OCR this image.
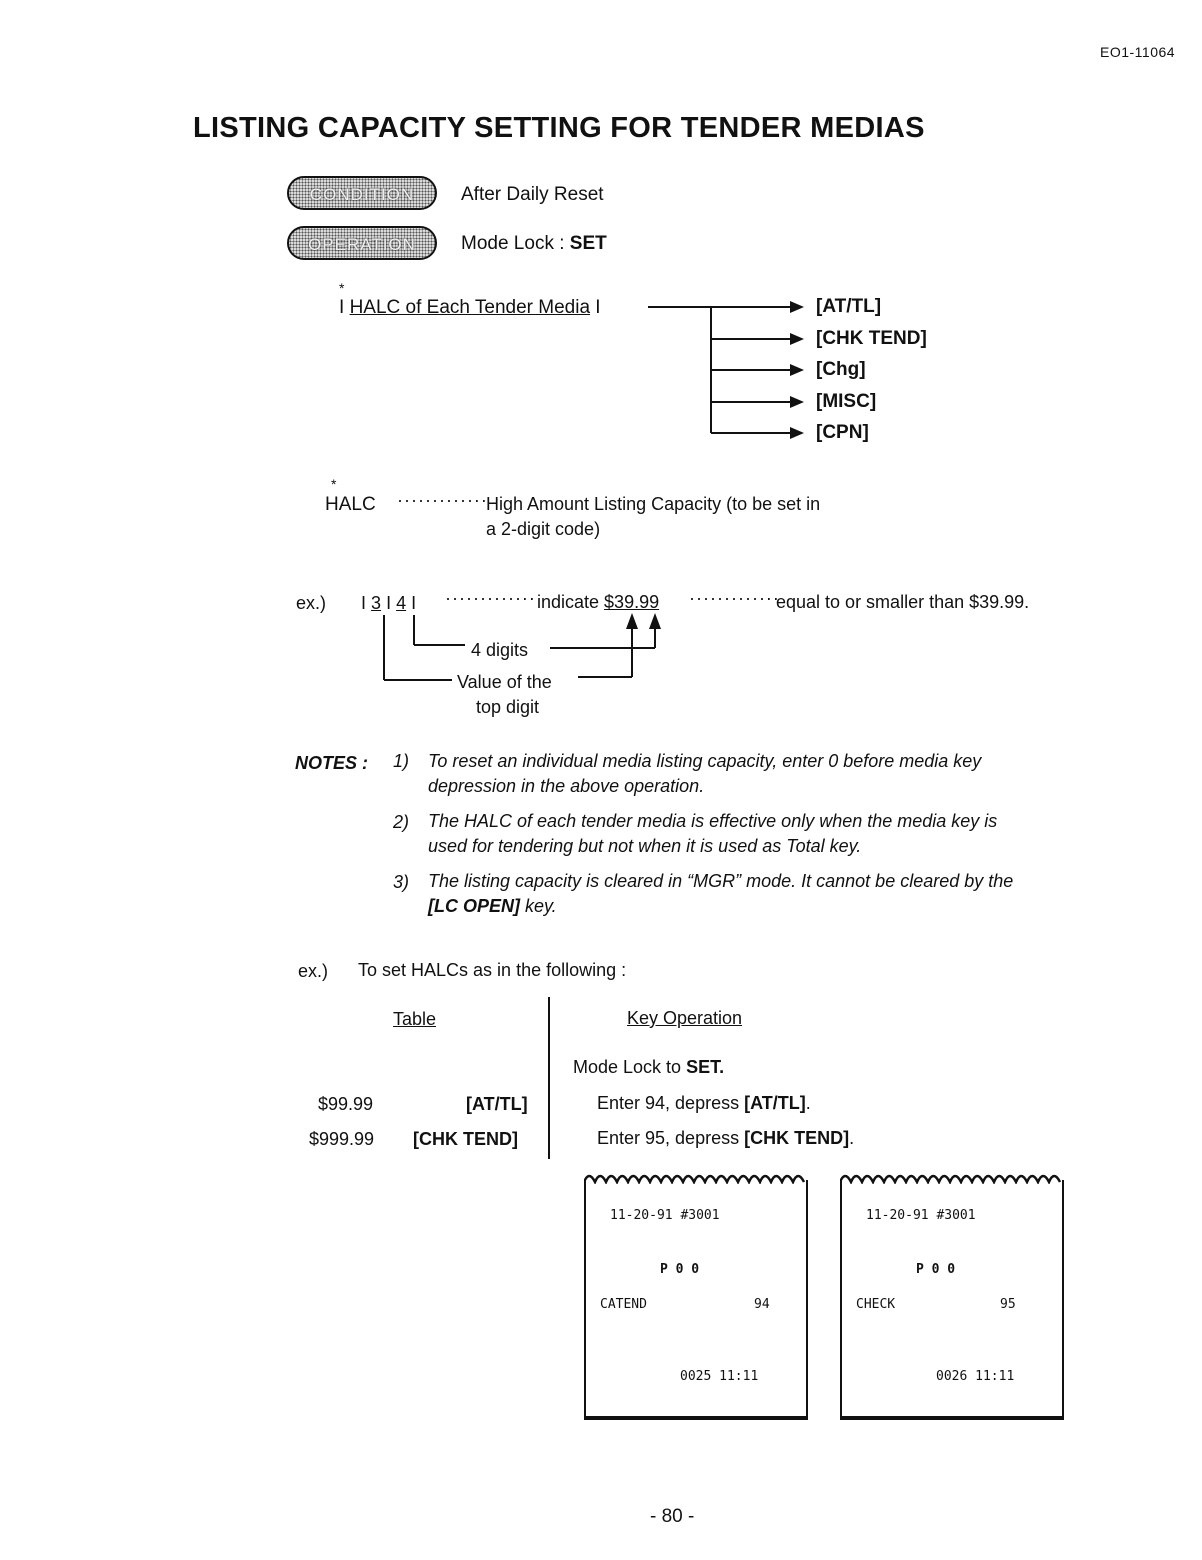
EO1-11064
LISTING CAPACITY SETTING FOR TENDER MEDIAS
CONDITION	After Daily Reset
OPERATION	Mode Lock : SET
*
I HALC of Each Tender Media I	[AT/TL]
[CHK TEND]
[Chg]
[MISC]
[CPN]
*
HALC ·············
High Amount Listing Capacity (to be set in
a 2-digit code)
ex.) I 3 I 4 I ············· indicate $39.99 ·············
equal to or smaller than $39.99.
4 digits
Value of the
top digit
NOTES : 1) To reset an individual media listing capacity, enter 0 before media key
depression in the above operation.
2) The HALC of each tender media is effective only when the media key is
used for tendering but not when it is used as Total key.
3) The listing capacity is cleared in “MGR” mode. It cannot be cleared by the
[LC OPEN] key.
ex.) To set HALCs as in the following :
Table	Key Operation
Mode Lock to SET.
$99.99	[AT/TL]	Enter 94, depress [AT/TL].
$999.99 [CHK TEND]	Enter 95, depress [CHK TEND].
11-20-91 #3001
P 0 0
CATEND	94
0025 11:11
11-20-91 #3001
P 0 0
CHECK	95
0026 11:11
- 80 -
